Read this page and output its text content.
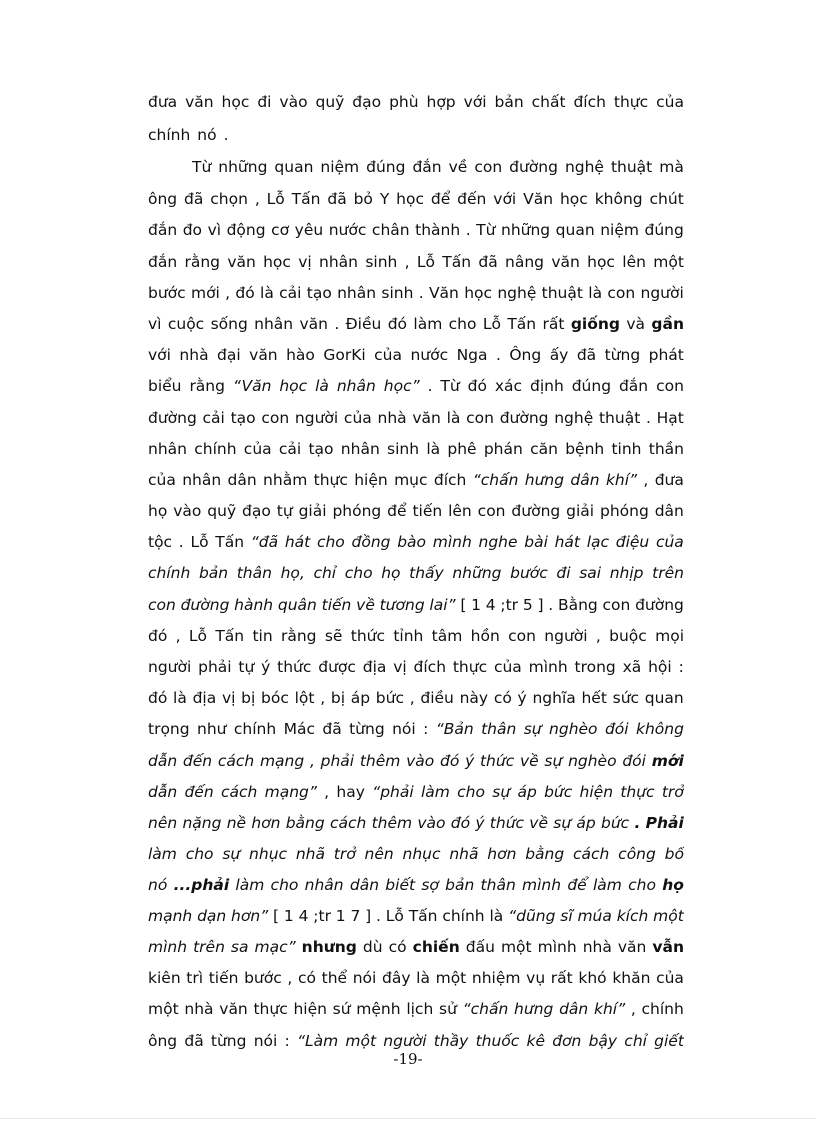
đưa văn học đi vào quỹ đạo phù hợp với bản chất đích thực của
chính nó .
Từ những quan niệm đúng đắn về con đường nghệ thuật mà
ông đã chọn , Lỗ Tấn đã bỏ Y học để đến với Văn học không chút
đắn đo vì động cơ yêu nước chân thành . Từ những quan niệm đúng
đắn rằng văn học vị nhân sinh , Lỗ Tấn đã nâng văn học lên một
bước mới , đó là cải tạo nhân sinh . Văn học nghệ thuật là con người
vì cuộc sống nhân văn . Điều đó làm cho Lỗ Tấn rất giống và gần
với nhà đại văn hào GorKi của nước Nga . Ông ấy đã từng phát
biểu rằng “Văn học là nhân học” . Từ đó xác định đúng đắn con
đường cải tạo con người của nhà văn là con đường nghệ thuật . Hạt
nhân chính của cải tạo nhân sinh là phê phán căn bệnh tinh thần
của nhân dân nhằm thực hiện mục đích “chấn hưng dân khí” , đưa
họ vào quỹ đạo tự giải phóng để tiến lên con đường giải phóng dân
tộc . Lỗ Tấn “đã hát cho đồng bào mình nghe bài hát lạc điệu của
chính bản thân họ, chỉ cho họ thấy những bước đi sai nhịp trên
con đường hành quân tiến về tương lai” [ 1 4 ;tr 5 ] . Bằng con đường
đó , Lỗ Tấn tin rằng sẽ thức tỉnh tâm hồn con người , buộc mọi
người phải tự ý thức được địa vị đích thực của mình trong xã hội :
đó là địa vị bị bóc lột , bị áp bức , điều này có ý nghĩa hết sức quan
trọng như chính Mác đã từng nói : “Bản thân sự nghèo đói không
dẫn đến cách mạng , phải thêm vào đó ý thức về sự nghèo đói mới
dẫn đến cách mạng” , hay “phải làm cho sự áp bức hiện thực trở
nên nặng nề hơn bằng cách thêm vào đó ý thức về sự áp bức . Phải
làm cho sự nhục nhã trở nên nhục nhã hơn bằng cách công bố
nó ...phải làm cho nhân dân biết sợ bản thân mình để làm cho họ
mạnh dạn hơn” [ 1 4 ;tr 1 7 ] . Lỗ Tấn chính là “dũng sĩ múa kích một
mình trên sa mạc” nhưng dù có chiến đấu một mình nhà văn vẫn
kiên trì tiến bước , có thể nói đây là một nhiệm vụ rất khó khăn của
một nhà văn thực hiện sứ mệnh lịch sử “chấn hưng dân khí” , chính
ông đã từng nói : “Làm một người thầy thuốc kê đơn bậy chỉ giết
-19-
